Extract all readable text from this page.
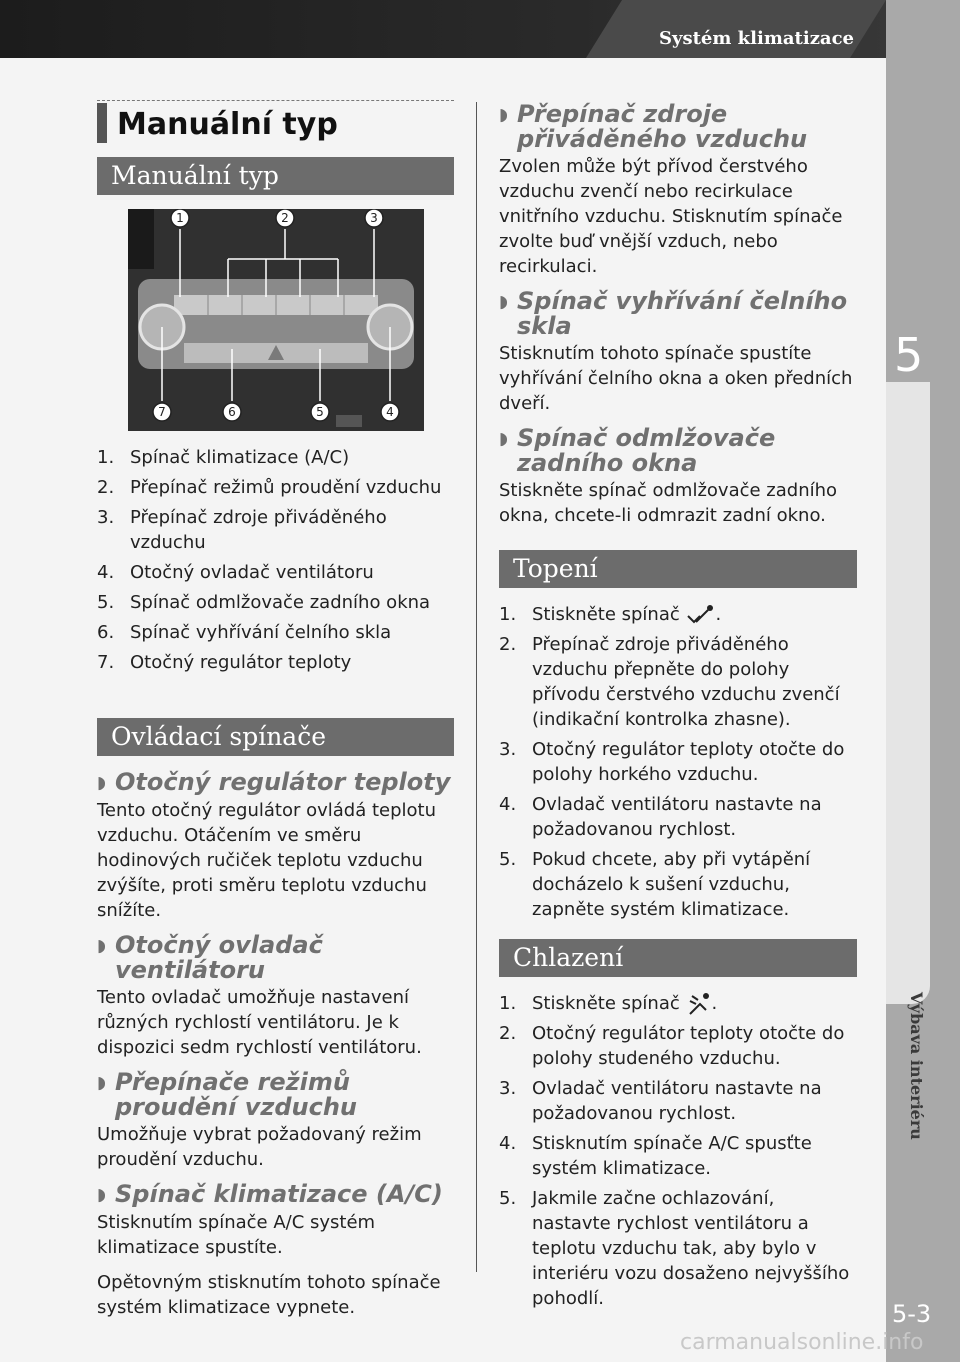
Systém klimatizace
5
Výbava interiéru
5-3
Manuální typ
Manuální typ
1	2	3
7	6	5	4
1. Spínač klimatizace (A/C)
2. Přepínač režimů proudění vzduchu
3. Přepínač zdroje přiváděného vzduchu
4. Otočný ovladač ventilátoru
5. Spínač odmlžovače zadního okna
6. Spínač vyhřívání čelního skla
7. Otočný regulátor teploty
Ovládací spínače
◗ Otočný regulátor teploty

Tento otočný regulátor ovládá teplotu vzduchu. Otáčením ve směru hodinových ručiček teplotu vzduchu zvýšíte, proti směru teplotu vzduchu snížíte.

◗ Otočný ovladač ventilátoru

Tento ovladač umožňuje nastavení různých rychlostí ventilátoru. Je k dispozici sedm rychlostí ventilátoru.

◗ Přepínače režimů proudění vzduchu

Umožňuje vybrat požadovaný režim proudění vzduchu.

◗ Spínač klimatizace (A/C)

Stisknutím spínače A/C systém klimatizace spustíte.

Opětovným stisknutím tohoto spínače systém klimatizace vypnete.

◗ Přepínač zdroje přiváděného vzduchu

Zvolen může být přívod čerstvého vzduchu zvenčí nebo recirkulace vnitřního vzduchu. Stisknutím spínače zvolte buď vnější vzduch, nebo recirkulaci.

◗ Spínač vyhřívání čelního skla

Stisknutím tohoto spínače spustíte vyhřívání čelního okna a oken předních dveří.

◗ Spínač odmlžovače zadního okna

Stiskněte spínač odmlžovače zadního okna, chcete-li odmrazit zadní okno.

Topení
1. Stiskněte spínač .
2. Přepínač zdroje přiváděného vzduchu přepněte do polohy přívodu čerstvého vzduchu zvenčí (indikační kontrolka zhasne).
3. Otočný regulátor teploty otočte do polohy horkého vzduchu.
4. Ovladač ventilátoru nastavte na požadovanou rychlost.
5. Pokud chcete, aby při vytápění docházelo k sušení vzduchu, zapněte systém klimatizace.
Chlazení
1. Stiskněte spínač .
2. Otočný regulátor teploty otočte do polohy studeného vzduchu.
3. Ovladač ventilátoru nastavte na požadovanou rychlost.
4. Stisknutím spínače A/C spusťte systém klimatizace.
5. Jakmile začne ochlazování, nastavte rychlost ventilátoru a teplotu vzduchu tak, aby bylo v interiéru vozu dosaženo nejvyššího pohodlí.
carmanualsonline.info
